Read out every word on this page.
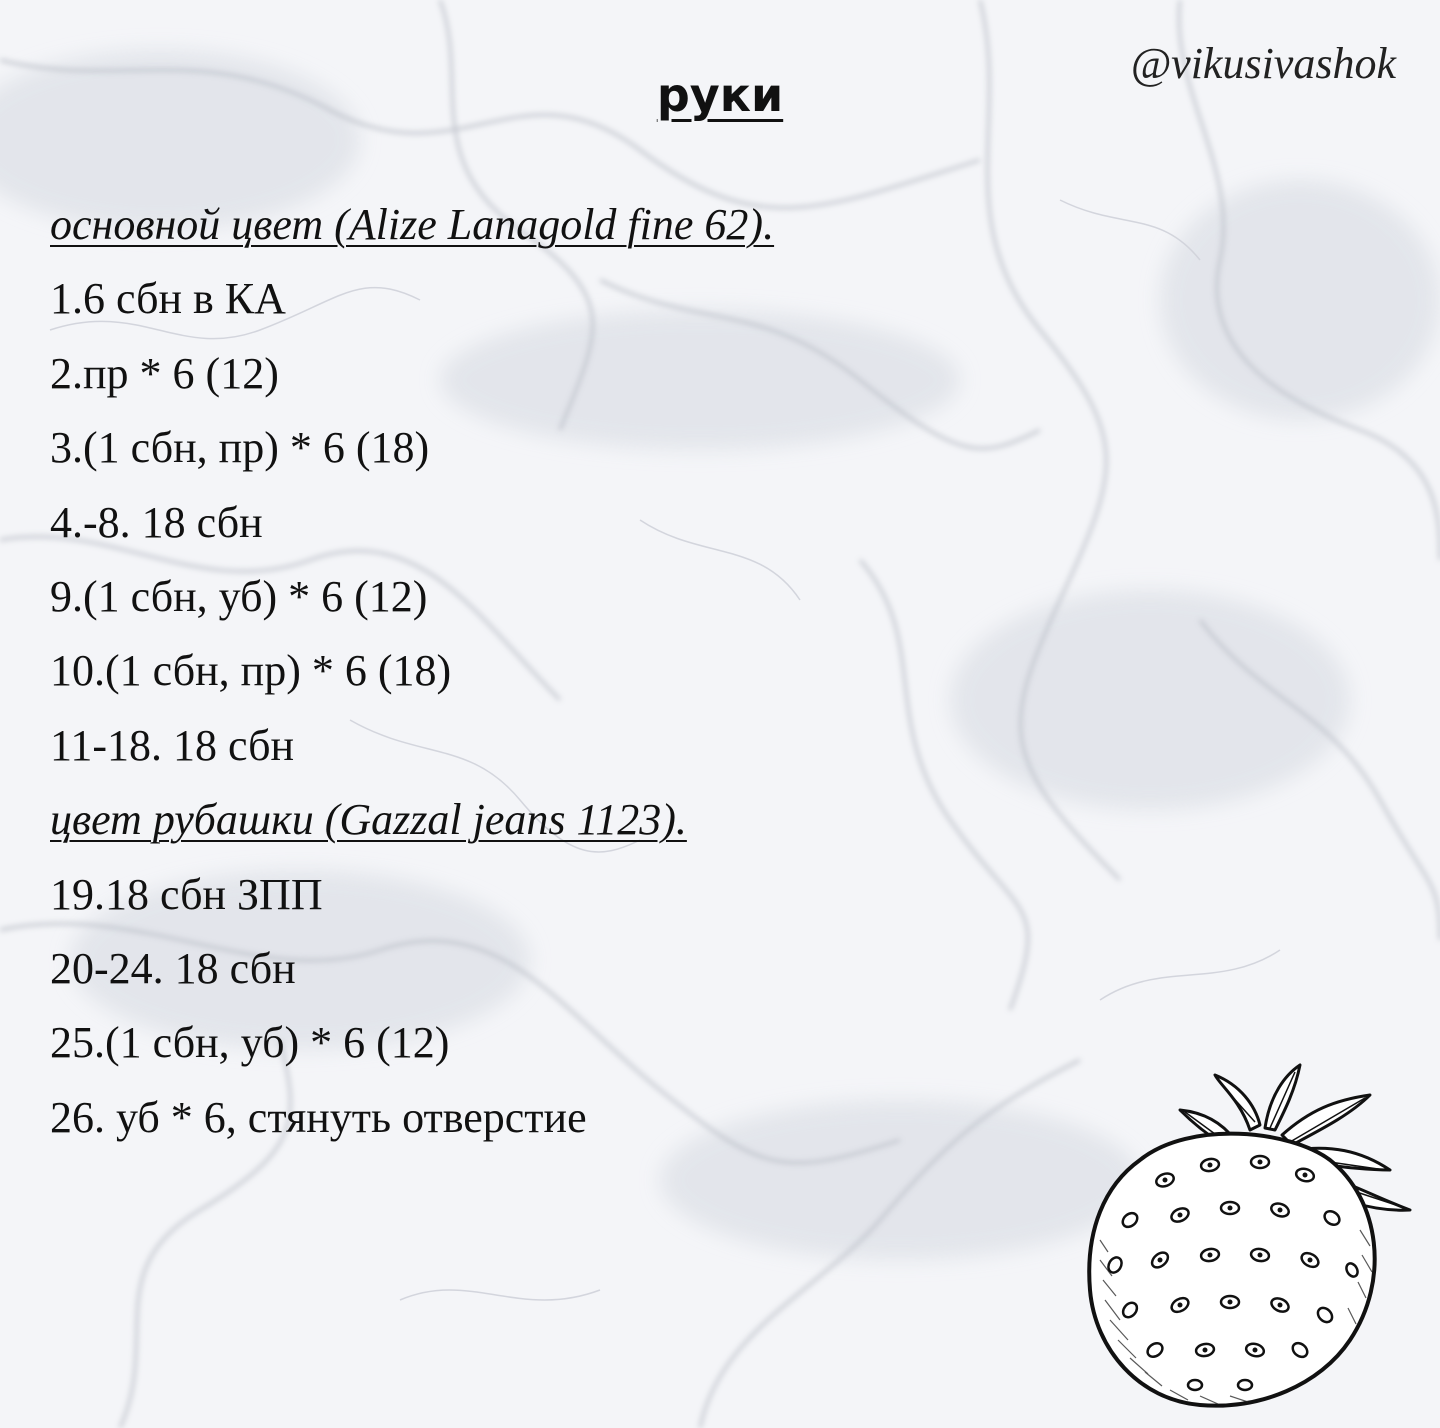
@vikusivashok
руки
основной цвет (Alize Lanagold fine 62).
1.6 сбн в КА
2.пр * 6 (12)
3.(1 сбн, пр) * 6 (18)
4.-8. 18 сбн
9.(1 сбн, уб) * 6 (12)
10.(1 сбн, пр) * 6 (18)
11-18. 18 сбн
цвет рубашки (Gazzal jeans 1123).
19.18 сбн ЗПП
20-24. 18 сбн
25.(1 сбн, уб) * 6 (12)
26. уб * 6, стянуть отверстие
